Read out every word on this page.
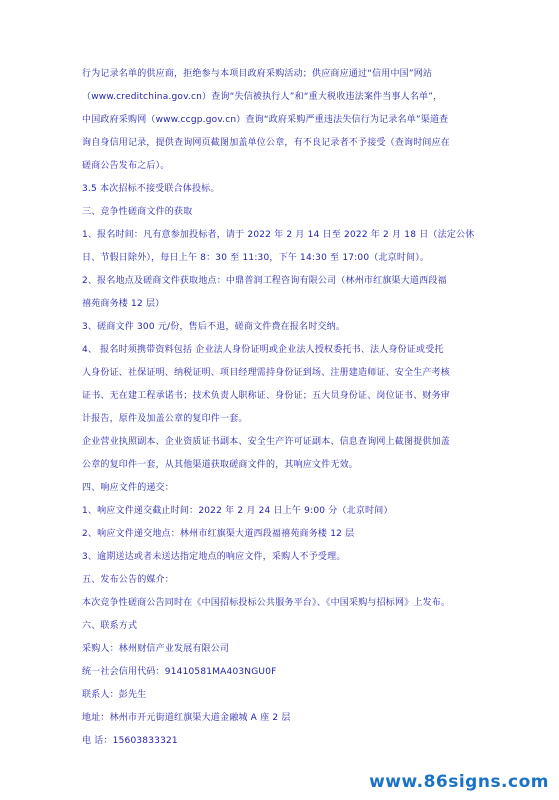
行为记录名单的供应商，拒绝参与本项目政府采购活动；供应商应通过“信用中国”网站
（www.creditchina.gov.cn）查询“失信被执行人”和“重大税收违法案件当事人名单”，
中国政府采购网（www.ccgp.gov.cn）查询“政府采购严重违法失信行为记录名单”渠道查
询自身信用记录，提供查询网页截图加盖单位公章，有不良记录者不予接受（查询时间应在
磋商公告发布之后）。
3.5 本次招标不接受联合体投标。
三、竞争性磋商文件的获取
1、报名时间：凡有意参加投标者，请于 2022 年 2 月 14 日至 2022 年 2 月 18 日（法定公休
日、节假日除外），每日上午 8：30 至 11:30，下午 14:30 至 17:00（北京时间）。
2、报名地点及磋商文件获取地点：中鼎普润工程咨询有限公司（林州市红旗渠大道西段福
禧苑商务楼 12 层）
3、磋商文件 300 元/份，售后不退，磋商文件费在报名时交纳。
4、 报名时须携带资料包括 企业法人身份证明或企业法人授权委托书、法人身份证或受托
人身份证、社保证明、纳税证明、项目经理需持身份证到场、注册建造师证、安全生产考核
证书、无在建工程承诺书；技术负责人职称证、身份证；五大员身份证、岗位证书、财务审
计报告，原件及加盖公章的复印件一套。
企业营业执照副本、企业资质证书副本、安全生产许可证副本、信息查询网上截图提供加盖
公章的复印件一套，从其他渠道获取磋商文件的，其响应文件无效。
四、响应文件的递交：
1、响应文件递交截止时间：2022 年 2 月 24 日上午 9:00 分（北京时间）
2、响应文件递交地点：林州市红旗渠大道西段福禧苑商务楼 12 层
3、逾期送达或者未送达指定地点的响应文件，采购人不予受理。
五、发布公告的媒介：
本次竞争性磋商公告同时在《中国招标投标公共服务平台》、《中国采购与招标网》上发布。
六、联系方式
采购人：林州财信产业发展有限公司
统一社会信用代码：91410581MA403NGU0F
联系人：彭先生
地址：林州市开元街道红旗渠大道金融城 A 座 2 层
电 话：15603833321
www.86signs.com
